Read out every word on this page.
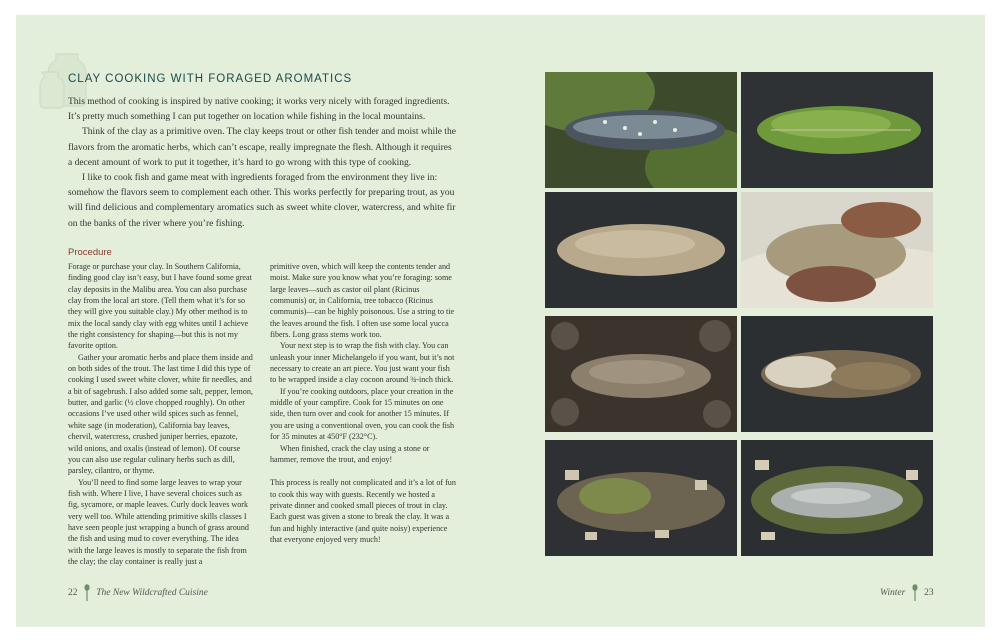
CLAY COOKING WITH FORAGED AROMATICS

This method of cooking is inspired by native cooking; it works very nicely with foraged ingredients. It’s pretty much something I can put together on location while fishing in the local mountains.

Think of the clay as a primitive oven. The clay keeps trout or other fish tender and moist while the flavors from the aromatic herbs, which can’t escape, really impregnate the flesh. Although it requires a decent amount of work to put it together, it’s hard to go wrong with this type of cooking.

I like to cook fish and game meat with ingredients foraged from the environment they live in: somehow the flavors seem to complement each other. This works perfectly for preparing trout, as you will find delicious and complementary aromatics such as sweet white clover, watercress, and white fir on the banks of the river where you’re fishing.

Procedure

Forage or purchase your clay. In Southern California, finding good clay isn’t easy, but I have found some great clay deposits in the Malibu area. You can also purchase clay from the local art store. (Tell them what it’s for so they will give you suitable clay.) My other method is to mix the local sandy clay with egg whites until I achieve the right consistency for shaping—but this is not my favorite option.

Gather your aromatic herbs and place them inside and on both sides of the trout. The last time I did this type of cooking I used sweet white clover, white fir needles, and a bit of sagebrush. I also added some salt, pepper, lemon, butter, and garlic (½ clove chopped roughly). On other occasions I’ve used other wild spices such as fennel, white sage (in moderation), California bay leaves, chervil, watercress, crushed juniper berries, epazote, wild onions, and oxalis (instead of lemon). Of course you can also use regular culinary herbs such as dill, parsley, cilantro, or thyme.

You’ll need to find some large leaves to wrap your fish with. Where I live, I have several choices such as fig, sycamore, or maple leaves. Curly dock leaves work very well too. While attending primitive skills classes I have seen people just wrapping a bunch of grass around the fish and using mud to cover everything. The idea with the large leaves is mostly to separate the fish from the clay; the clay container is really just a

primitive oven, which will keep the contents tender and moist. Make sure you know what you’re foraging: some large leaves—such as castor oil plant (Ricinus communis) or, in California, tree tobacco (Ricinus communis)—can be highly poisonous. Use a string to tie the leaves around the fish. I often use some local yucca fibers. Long grass stems work too.

Your next step is to wrap the fish with clay. You can unleash your inner Michelangelo if you want, but it’s not necessary to create an art piece. You just want your fish to be wrapped inside a clay cocoon around ¾-inch thick.

If you’re cooking outdoors, place your creation in the middle of your campfire. Cook for 15 minutes on one side, then turn over and cook for another 15 minutes. If you are using a conventional oven, you can cook the fish for 35 minutes at 450°F (232°C).

When finished, crack the clay using a stone or hammer, remove the trout, and enjoy!

This process is really not complicated and it’s a lot of fun to cook this way with guests. Recently we hosted a private dinner and cooked small pieces of trout in clay. Each guest was given a stone to break the clay. It was a fun and highly interactive (and quite noisy) experience that everyone enjoyed very much!

22 The New Wildcrafted Cuisine	Winter 23
